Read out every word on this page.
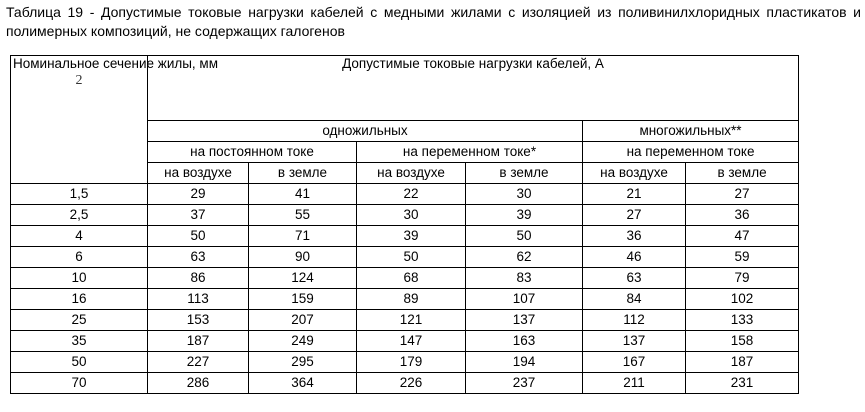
Таблица 19 - Допустимые токовые нагрузки кабелей с медными жилами с изоляцией из поливинилхлоридных пластикатов и полимерных композиций, не содержащих галогенов
Номинальное сечение жилы, мм
2	Допустимые токовые нагрузки кабелей, А					
	одножильных				многожильных**	
	на постоянном токе		на переменном токе*		на переменном токе	
	на воздухе	в земле	на воздухе	в земле	на воздухе	в земле
1,5	29	41	22	30	21	27
2,5	37	55	30	39	27	36
4	50	71	39	50	36	47
6	63	90	50	62	46	59
10	86	124	68	83	63	79
16	113	159	89	107	84	102
25	153	207	121	137	112	133
35	187	249	147	163	137	158
50	227	295	179	194	167	187
70	286	364	226	237	211	231
